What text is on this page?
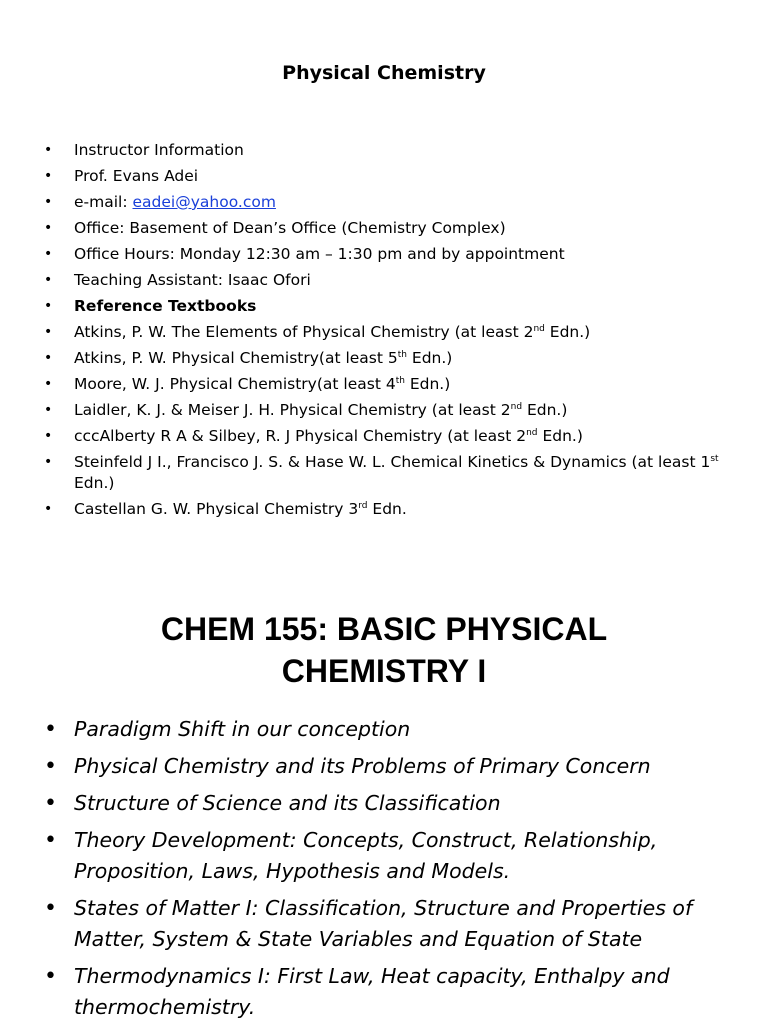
Physical Chemistry
• Instructor Information
• Prof. Evans Adei
• e-mail: eadei@yahoo.com
• Office: Basement of Dean’s Office (Chemistry Complex)
• Office Hours: Monday 12:30 am – 1:30 pm and by appointment
• Teaching Assistant: Isaac Ofori
• Reference Textbooks
• Atkins, P. W. The Elements of Physical Chemistry (at least 2nd Edn.)
• Atkins, P. W. Physical Chemistry(at least 5th Edn.)
• Moore, W. J. Physical Chemistry(at least 4th Edn.)
• Laidler, K. J. & Meiser J. H. Physical Chemistry (at least 2nd Edn.)
• cccAlberty R A & Silbey, R. J Physical Chemistry (at least 2nd Edn.)
• Steinfeld J I., Francisco J. S. & Hase W. L. Chemical Kinetics & Dynamics (at least 1st Edn.)
• Castellan G. W. Physical Chemistry 3rd Edn.
CHEM 155: BASIC PHYSICAL
CHEMISTRY I
• Paradigm Shift in our conception
• Physical Chemistry and its Problems of Primary Concern
• Structure of Science and its Classification
• Theory Development: Concepts, Construct, Relationship, Proposition, Laws, Hypothesis and Models.
• States of Matter I: Classification, Structure and Properties of Matter, System & State Variables and Equation of State
• Thermodynamics I: First Law, Heat capacity, Enthalpy and thermochemistry.
